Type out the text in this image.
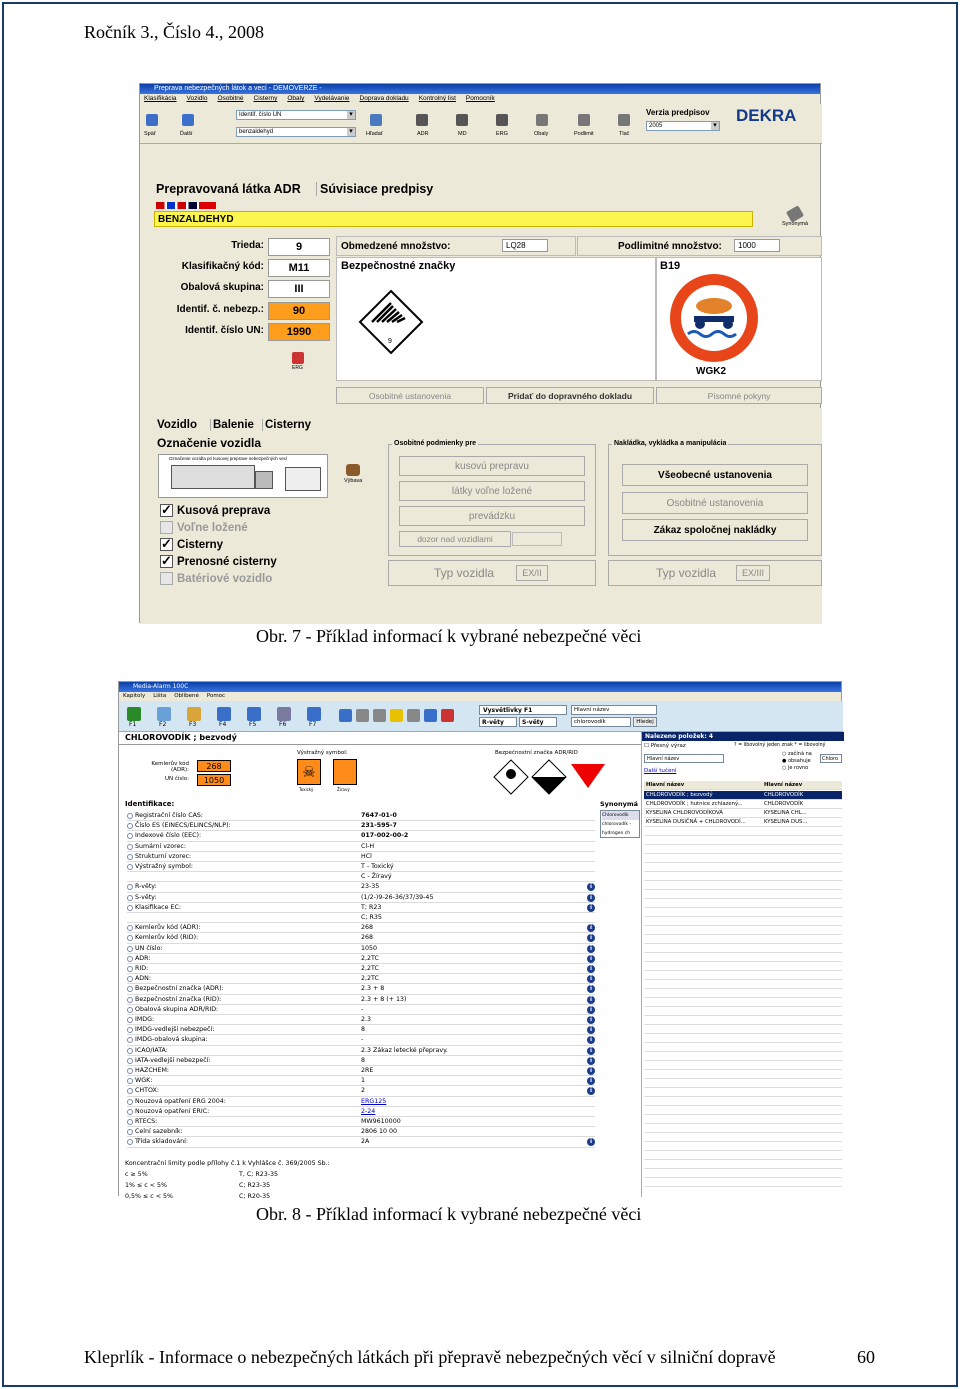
Ročník 3., Číslo 4., 2008
Preprava nebezpečných látok a vecí - DEMOVERZE -
Klasifikácia Vozidlo Osobitné Cisterny Obaly Vydelávanie Doprava dokladu Kontrolný list Pomocník
Späť	Ďalší
Identif. číslo UN ▾
benzaldehyd ▾	Hľadať	ADR	MD	ERG	Obaly	Podlimit	Tlač
Verzia predpisov
2005 ▾
DEKRA
Prepravovaná látka ADR	Súvisiace predpisy
BENZALDEHYD	Synonymá
Trieda:	9
Klasifikačný kód:	M11
Obalová skupina:	III
Identif. č. nebezp.:	90
Identif. číslo UN:	1990
ERG
Obmedzené množstvo:	LQ28	Podlimitné množstvo:	1000
Bezpečnostné značky	B19
9
WGK2
Osobitné ustanovenia	Pridať do dopravného dokladu	Písomné pokyny
Vozidlo Balenie Cisterny
Označenie vozidla
Označenie vozidla pri kusovej preprave nebezpečných vecí
Výbava
✓Kusová preprava
Voľne ložené
✓Cisterny
✓Prenosné cisterny
Batériové vozidlo
Osobitné podmienky pre
kusovú prepravu
látky voľne ložené
prevádzku
dozor nad vozidlami
Nakládka, vykládka a manipulácia
Všeobecné ustanovenia
Osobitné ustanovenia
Zákaz spoločnej nakládky
Typ vozidla	EX/II	Typ vozidla	EX/III
Obr. 7 - Příklad informací k vybrané nebezpečné věci
Media-Alarm 100C
Kapitoly Lišta Oblíbené Pomoc
F1	F2	F3	F4	F5	F6	F7
Vysvětlivky F1
R-věty	S-věty
Hlavní název
chlorovodík	Hledej
CHLOROVODÍK ; bezvodý
Kemlerův kód (ADR):	268
UN číslo:	1050
Výstražný symbol:
☠
Toxický	Žíravý
Bezpečnostní značka ADR/RID
Identifikace:
Registrační číslo CAS:	7647-01-0
Číslo ES (EINECS/ELINCS/NLP):	231-595-7
Indexové číslo (EEC):	017-002-00-2
Sumární vzorec:	Cl-H
Strukturní vzorec:	HCl
Výstražný symbol:	T - Toxický
C - Žíravý
R-věty:	23-35	i
S-věty:	(1/2-)9-26-36/37/39-45	i
Klasifikace EC:	T; R23	i
C; R35
Kemlerův kód (ADR):	268	i
Kemlerův kód (RID):	268	i
UN číslo:	1050	i
ADR:	2,2TC	i
RID:	2,2TC	i
ADN:	2,2TC	i
Bezpečnostní značka (ADR):	2.3 + 8	i
Bezpečnostní značka (RID):	2.3 + 8 (+ 13)	i
Obalová skupina ADR/RID:	-	i
IMDG:	2.3	i
IMDG-vedlejší nebezpečí:	8	i
IMDG-obalová skupina:	-	i
ICAO/IATA:	2.3 Zákaz letecké přepravy.	i
IATA-vedlejší nebezpečí:	8	i
HAZCHEM:	2RE	i
WGK:	1	i
CHTOX:	2	i
Nouzová opatření ERG 2004:	ERG125
Nouzová opatření ERIC:	2-24
RTECS:	MW9610000
Celní sazebník:	2806 10 00
Třída skladování:	2A	i
Koncentrační limity podle přílohy č.1 k Vyhlášce č. 369/2005 Sb.:
c ≥ 5%	T, C; R23-35
1% ≤ c < 5%	C; R23-35
0,5% ≤ c < 5%	C; R20-35
Synonymá
Chlorovodík
chlorovodík -
hydrogen ch
Nalezeno položek: 4
☐ Přesný výraz	? = libovolný jeden znak * = libovolný
Hlavní název
○ začíná na
● obsahuje
○ je rovno
Chloro
Další tučení
Hlavní název	Hlavní název
CHLOROVODÍK ; bezvodý	CHLOROVODÍK
CHLOROVODÍK ; hutnice zchlazený...	CHLOROVODÍK
KYSELINA CHLOROVODÍKOVÁ	KYSELINA CHL...
KYSELINA DUSIČNÁ + CHLOROVODÍ...	KYSELINA DUS...
Obr. 8 - Příklad informací k vybrané nebezpečné věci
Kleprlík - Informace o nebezpečných látkách při přepravě nebezpečných věcí v silniční dopravě	60
